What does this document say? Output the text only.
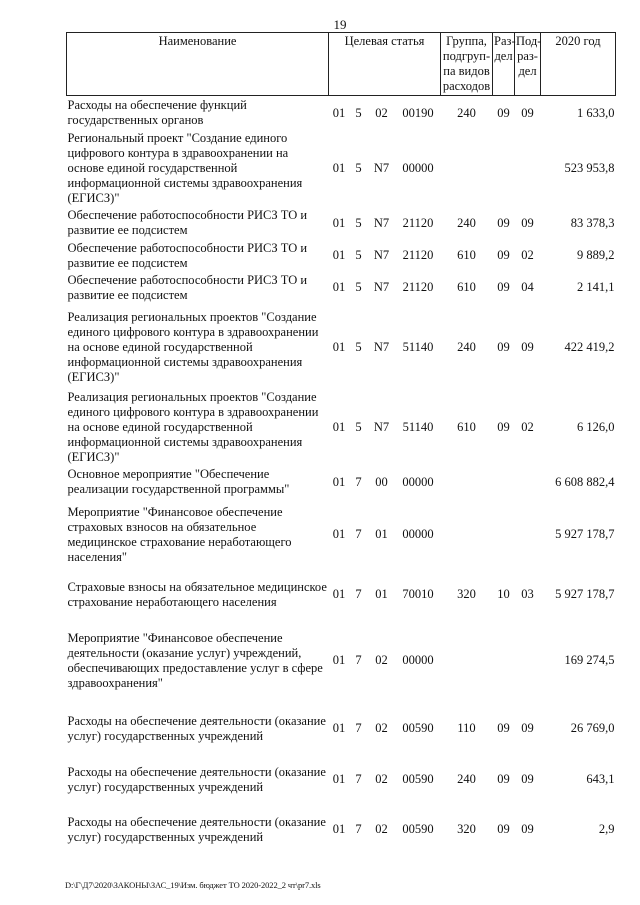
19
Наименование	Целевая статья				Группа, подгруп-па видов расходов	Раз-дел	Под-раз-дел	2020 год
Расходы на обеспечение функций государственных органов	01	5	02	00190	240	09	09	1 633,0
Региональный проект "Создание единого цифрового контура в здравоохранении на основе единой государственной информационной системы здравоохранения (ЕГИСЗ)"	01	5	N7	00000				523 953,8
Обеспечение работоспособности РИСЗ ТО и развитие ее подсистем	01	5	N7	21120	240	09	09	83 378,3
Обеспечение работоспособности РИСЗ ТО и развитие ее подсистем	01	5	N7	21120	610	09	02	9 889,2
Обеспечение работоспособности РИСЗ ТО и развитие ее подсистем	01	5	N7	21120	610	09	04	2 141,1
Реализация региональных проектов "Создание единого цифрового контура в здравоохранении на основе единой государственной информационной системы здравоохранения (ЕГИСЗ)"	01	5	N7	51140	240	09	09	422 419,2
Реализация региональных проектов "Создание единого цифрового контура в здравоохранении на основе единой государственной информационной системы здравоохранения (ЕГИСЗ)"	01	5	N7	51140	610	09	02	6 126,0
Основное мероприятие "Обеспечение реализации государственной программы"	01	7	00	00000				6 608 882,4
Мероприятие "Финансовое обеспечение страховых взносов на обязательное медицинское страхование неработающего населения"	01	7	01	00000				5 927 178,7
Страховые взносы на обязательное медицинское страхование неработающего населения	01	7	01	70010	320	10	03	5 927 178,7
Мероприятие "Финансовое обеспечение деятельности (оказание услуг) учреждений, обеспечивающих предоставление услуг в сфере здравоохранения"	01	7	02	00000				169 274,5
Расходы на обеспечение деятельности (оказание услуг) государственных учреждений	01	7	02	00590	110	09	09	26 769,0
Расходы на обеспечение деятельности (оказание услуг) государственных учреждений	01	7	02	00590	240	09	09	643,1
Расходы на обеспечение деятельности (оказание услуг) государственных учреждений	01	7	02	00590	320	09	09	2,9
D:\Г\Д7\2020\ЗАКОНЫ\ЗАС_19\Изм. бюджет ТО 2020-2022_2 чт\pr7.xls
